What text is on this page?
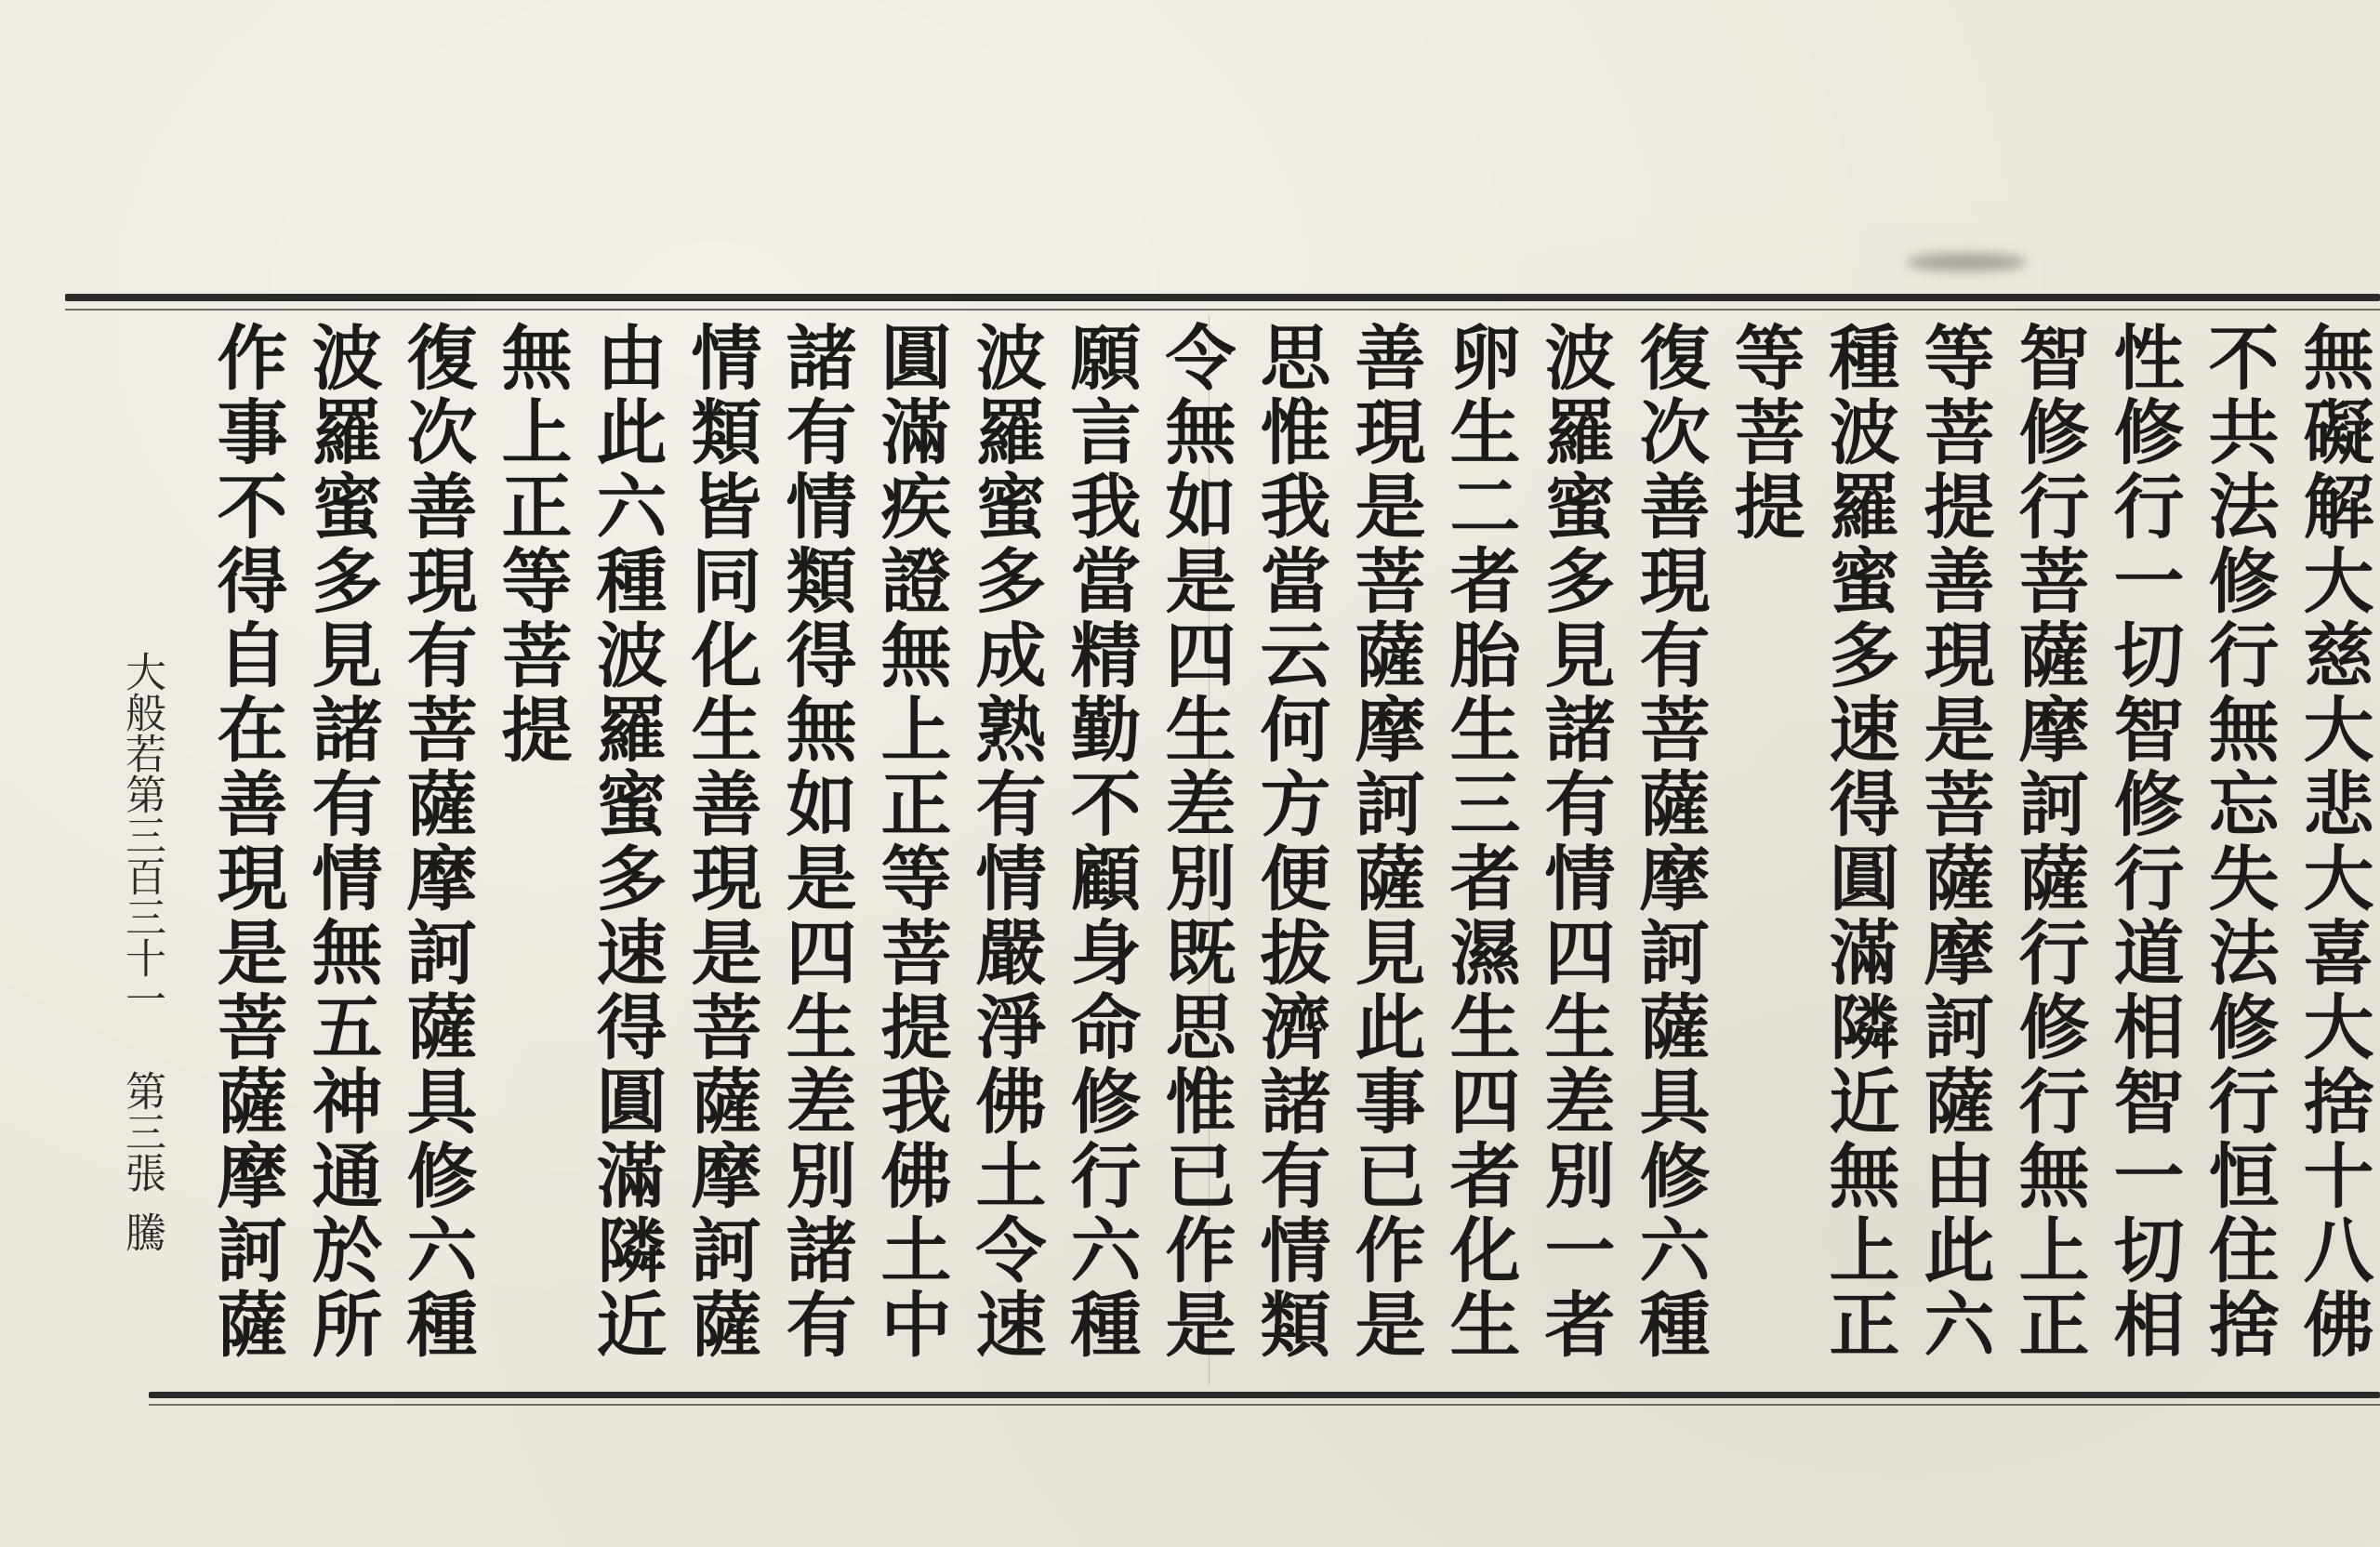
無礙解大慈大悲大喜大捨十八佛
不共法修行無忘失法修行恒住捨
性修行一切智修行道相智一切相
智修行菩薩摩訶薩行修行無上正
等菩提善現是菩薩摩訶薩由此六
種波羅蜜多速得圓滿隣近無上正
等菩提
復次善現有菩薩摩訶薩具修六種
波羅蜜多見諸有情四生差別一者
卵生二者胎生三者濕生四者化生
善現是菩薩摩訶薩見此事已作是
思惟我當云何方便拔濟諸有情類
令無如是四生差別既思惟已作是
願言我當精勤不顧身命修行六種
波羅蜜多成熟有情嚴淨佛土令速
圓滿疾證無上正等菩提我佛土中
諸有情類得無如是四生差別諸有
情類皆同化生善現是菩薩摩訶薩
由此六種波羅蜜多速得圓滿隣近
無上正等菩提
復次善現有菩薩摩訶薩具修六種
波羅蜜多見諸有情無五神通於所
作事不得自在善現是菩薩摩訶薩
大般若第三百三十一
第三張
騰
